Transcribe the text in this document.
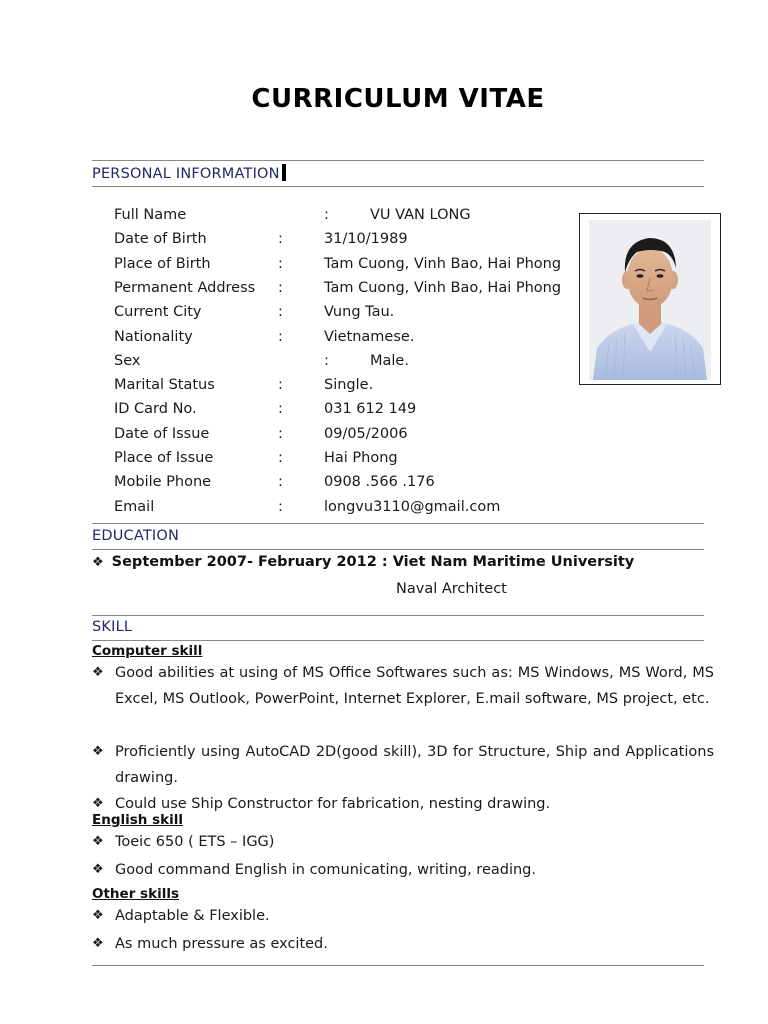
CURRICULUM VITAE
PERSONAL INFORMATION
Full Name	:	VU VAN LONG
Date of Birth	:	31/10/1989
Place of Birth	:	Tam Cuong, Vinh Bao, Hai Phong
Permanent Address :	Tam Cuong, Vinh Bao, Hai Phong
Current City	:	Vung Tau.
Nationality	:	Vietnamese.
Sex	:	Male.
Marital Status	:	Single.
ID Card No.	:	031 612 149
Date of Issue	:	09/05/2006
Place of Issue	:	Hai Phong
Mobile Phone	:	0908 .566 .176
Email	:	longvu3110@gmail.com
EDUCATION
❖ September 2007- February 2012 : Viet Nam Maritime University
Naval Architect
SKILL
Computer skill
❖ Good abilities at using of MS Office Softwares such as: MS Windows, MS Word, MS Excel, MS Outlook, PowerPoint, Internet Explorer, E.mail software, MS project, etc.
❖ Proficiently using AutoCAD 2D(good skill), 3D for Structure, Ship and Applications drawing.
❖ Could use Ship Constructor for fabrication, nesting drawing.
English skill
❖ Toeic 650 ( ETS – IGG)
❖ Good command English in comunicating, writing, reading.
Other skills
❖ Adaptable & Flexible.
❖ As much pressure as excited.
